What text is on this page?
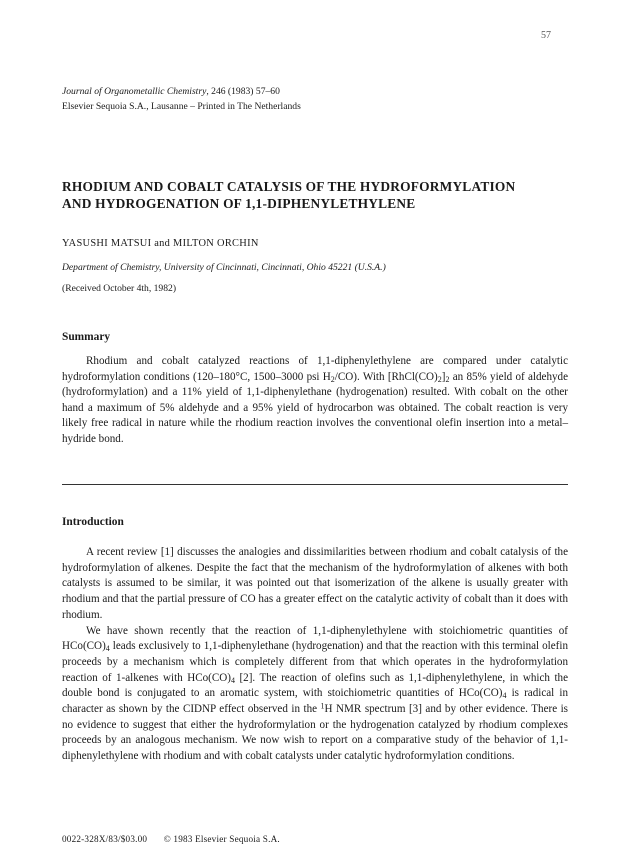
57
Journal of Organometallic Chemistry, 246 (1983) 57–60
Elsevier Sequoia S.A., Lausanne – Printed in The Netherlands
RHODIUM AND COBALT CATALYSIS OF THE HYDROFORMYLATION
AND HYDROGENATION OF 1,1-DIPHENYLETHYLENE
YASUSHI MATSUI and MILTON ORCHIN
Department of Chemistry, University of Cincinnati, Cincinnati, Ohio 45221 (U.S.A.)
(Received October 4th, 1982)
Summary

Rhodium and cobalt catalyzed reactions of 1,1-diphenylethylene are compared under catalytic hydroformylation conditions (120–180°C, 1500–3000 psi $H_2/CO$). With $[RhCl(CO)_2]_2$ an 85% yield of aldehyde (hydroformylation) and a 11% yield of 1,1-diphenylethane (hydrogenation) resulted. With cobalt on the other hand a maximum of 5% aldehyde and a 95% yield of hydrocarbon was obtained. The cobalt reaction is very likely free radical in nature while the rhodium reaction involves the conventional olefin insertion into a metal–hydride bond.

Introduction

A recent review [1] discusses the analogies and dissimilarities between rhodium and cobalt catalysis of the hydroformylation of alkenes. Despite the fact that the mechanism of the hydroformylation of alkenes with both catalysts is assumed to be similar, it was pointed out that isomerization of the alkene is usually greater with rhodium and that the partial pressure of CO has a greater effect on the catalytic activity of cobalt than it does with rhodium.

We have shown recently that the reaction of 1,1-diphenylethylene with stoichiometric quantities of $HCo(CO)_4$ leads exclusively to 1,1-diphenylethane (hydrogenation) and that the reaction with this terminal olefin proceeds by a mechanism which is completely different from that which operates in the hydroformylation reaction of 1-alkenes with $HCo(CO)_4$ [2]. The reaction of olefins such as 1,1-diphenylethylene, in which the double bond is conjugated to an aromatic system, with stoichiometric quantities of $HCo(CO)_4$ is radical in character as shown by the CIDNP effect observed in the $^1$H NMR spectrum [3] and by other evidence. There is no evidence to suggest that either the hydroformylation or the hydrogenation catalyzed by rhodium complexes proceeds by an analogous mechanism. We now wish to report on a comparative study of the behavior of 1,1-diphenylethylene with rhodium and with cobalt catalysts under catalytic hydroformylation conditions.

0022-328X/83/$03.00 © 1983 Elsevier Sequoia S.A.
